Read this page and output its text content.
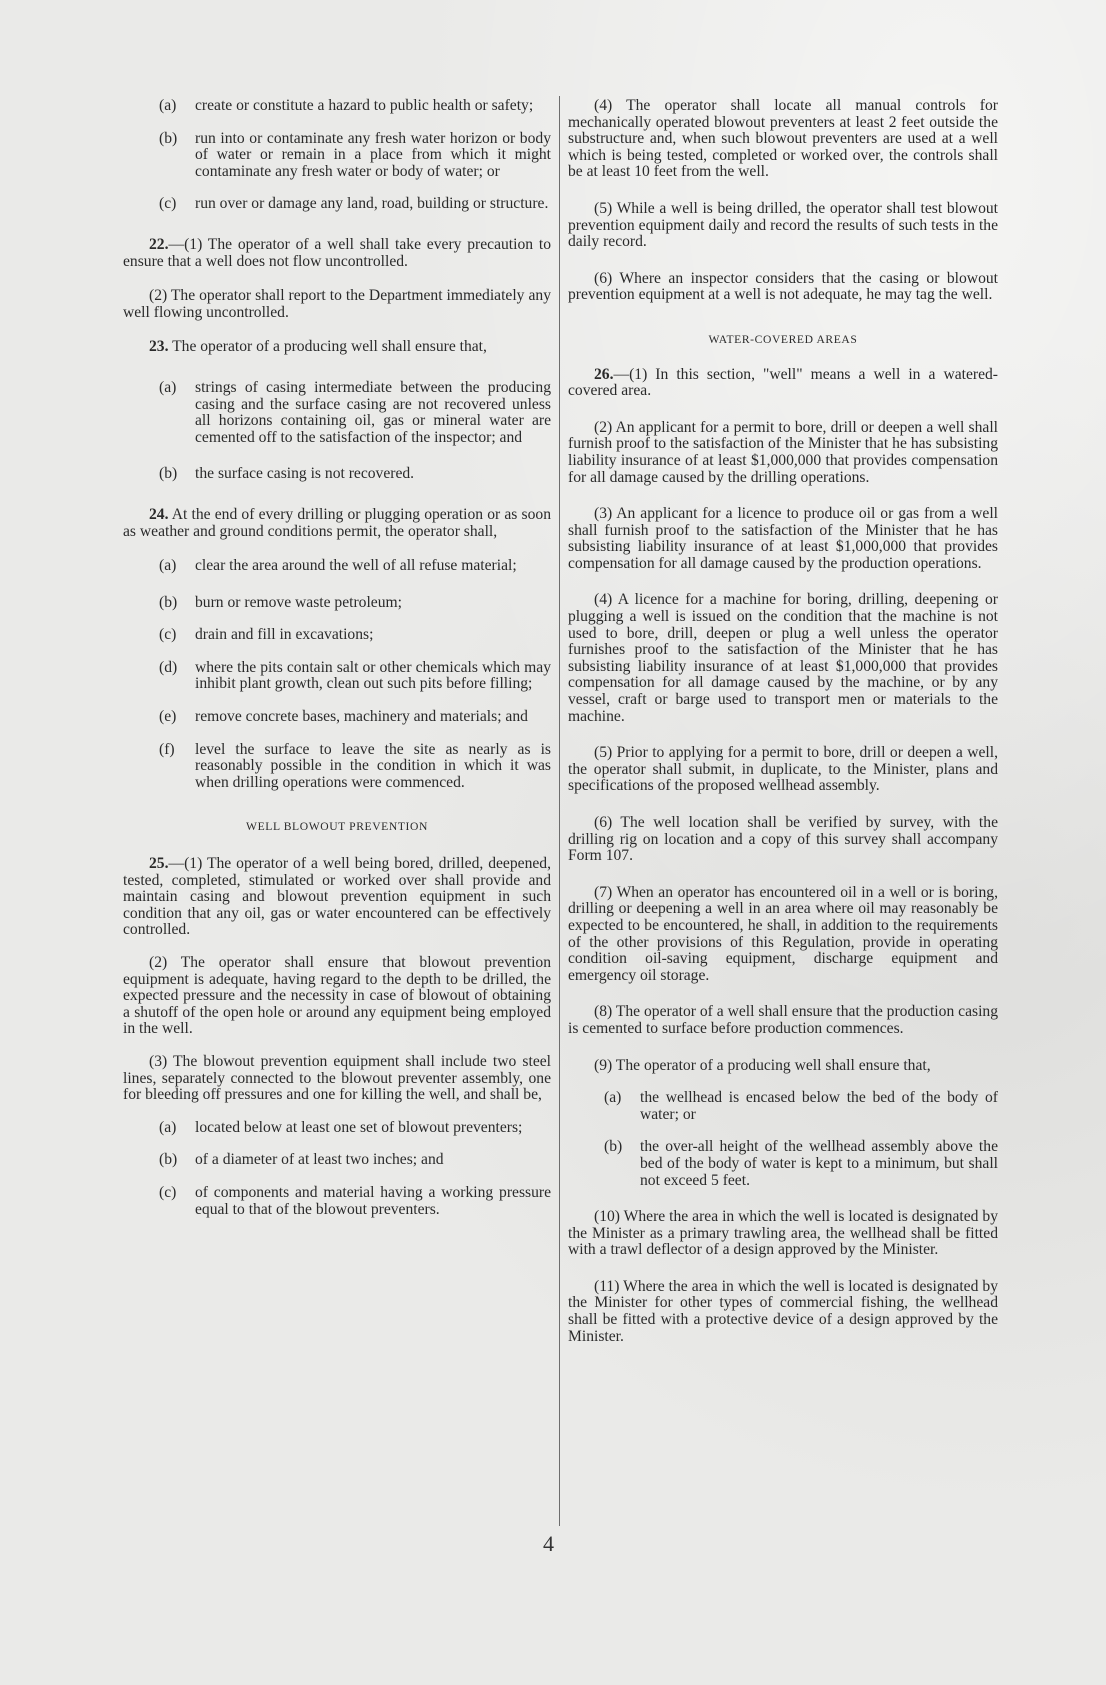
(a) create or constitute a hazard to public health or safety;

(b) run into or contaminate any fresh water horizon or body of water or remain in a place from which it might contaminate any fresh water or body of water; or

(c) run over or damage any land, road, building or structure.

22.—(1) The operator of a well shall take every precaution to ensure that a well does not flow uncontrolled.

(2) The operator shall report to the Department immediately any well flowing uncontrolled.

23. The operator of a producing well shall ensure that,

(a) strings of casing intermediate between the producing casing and the surface casing are not recovered unless all horizons containing oil, gas or mineral water are cemented off to the satisfaction of the inspector; and

(b) the surface casing is not recovered.

24. At the end of every drilling or plugging operation or as soon as weather and ground conditions permit, the operator shall,

(a) clear the area around the well of all refuse material;

(b) burn or remove waste petroleum;

(c) drain and fill in excavations;

(d) where the pits contain salt or other chemicals which may inhibit plant growth, clean out such pits before filling;

(e) remove concrete bases, machinery and materials; and

(f) level the surface to leave the site as nearly as is reasonably possible in the condition in which it was when drilling operations were commenced.

WELL BLOWOUT PREVENTION

25.—(1) The operator of a well being bored, drilled, deepened, tested, completed, stimulated or worked over shall provide and maintain casing and blowout prevention equipment in such condition that any oil, gas or water encountered can be effectively controlled.

(2) The operator shall ensure that blowout prevention equipment is adequate, having regard to the depth to be drilled, the expected pressure and the necessity in case of blowout of obtaining a shutoff of the open hole or around any equipment being employed in the well.

(3) The blowout prevention equipment shall include two steel lines, separately connected to the blowout preventer assembly, one for bleeding off pressures and one for killing the well, and shall be,

(a) located below at least one set of blowout preventers;

(b) of a diameter of at least two inches; and

(c) of components and material having a working pressure equal to that of the blowout preventers.

(4) The operator shall locate all manual controls for mechanically operated blowout preventers at least 2 feet outside the substructure and, when such blowout preventers are used at a well which is being tested, completed or worked over, the controls shall be at least 10 feet from the well.

(5) While a well is being drilled, the operator shall test blowout prevention equipment daily and record the results of such tests in the daily record.

(6) Where an inspector considers that the casing or blowout prevention equipment at a well is not adequate, he may tag the well.

WATER-COVERED AREAS

26.—(1) In this section, "well" means a well in a watered-covered area.

(2) An applicant for a permit to bore, drill or deepen a well shall furnish proof to the satisfaction of the Minister that he has subsisting liability insurance of at least $1,000,000 that provides compensation for all damage caused by the drilling operations.

(3) An applicant for a licence to produce oil or gas from a well shall furnish proof to the satisfaction of the Minister that he has subsisting liability insurance of at least $1,000,000 that provides compensation for all damage caused by the production operations.

(4) A licence for a machine for boring, drilling, deepening or plugging a well is issued on the condition that the machine is not used to bore, drill, deepen or plug a well unless the operator furnishes proof to the satisfaction of the Minister that he has subsisting liability insurance of at least $1,000,000 that provides compensation for all damage caused by the machine, or by any vessel, craft or barge used to transport men or materials to the machine.

(5) Prior to applying for a permit to bore, drill or deepen a well, the operator shall submit, in duplicate, to the Minister, plans and specifications of the proposed wellhead assembly.

(6) The well location shall be verified by survey, with the drilling rig on location and a copy of this survey shall accompany Form 107.

(7) When an operator has encountered oil in a well or is boring, drilling or deepening a well in an area where oil may reasonably be expected to be encountered, he shall, in addition to the requirements of the other provisions of this Regulation, provide in operating condition oil-saving equipment, discharge equipment and emergency oil storage.

(8) The operator of a well shall ensure that the production casing is cemented to surface before production commences.

(9) The operator of a producing well shall ensure that,

(a) the wellhead is encased below the bed of the body of water; or

(b) the over-all height of the wellhead assembly above the bed of the body of water is kept to a minimum, but shall not exceed 5 feet.

(10) Where the area in which the well is located is designated by the Minister as a primary trawling area, the wellhead shall be fitted with a trawl deflector of a design approved by the Minister.

(11) Where the area in which the well is located is designated by the Minister for other types of commercial fishing, the wellhead shall be fitted with a protective device of a design approved by the Minister.

4
